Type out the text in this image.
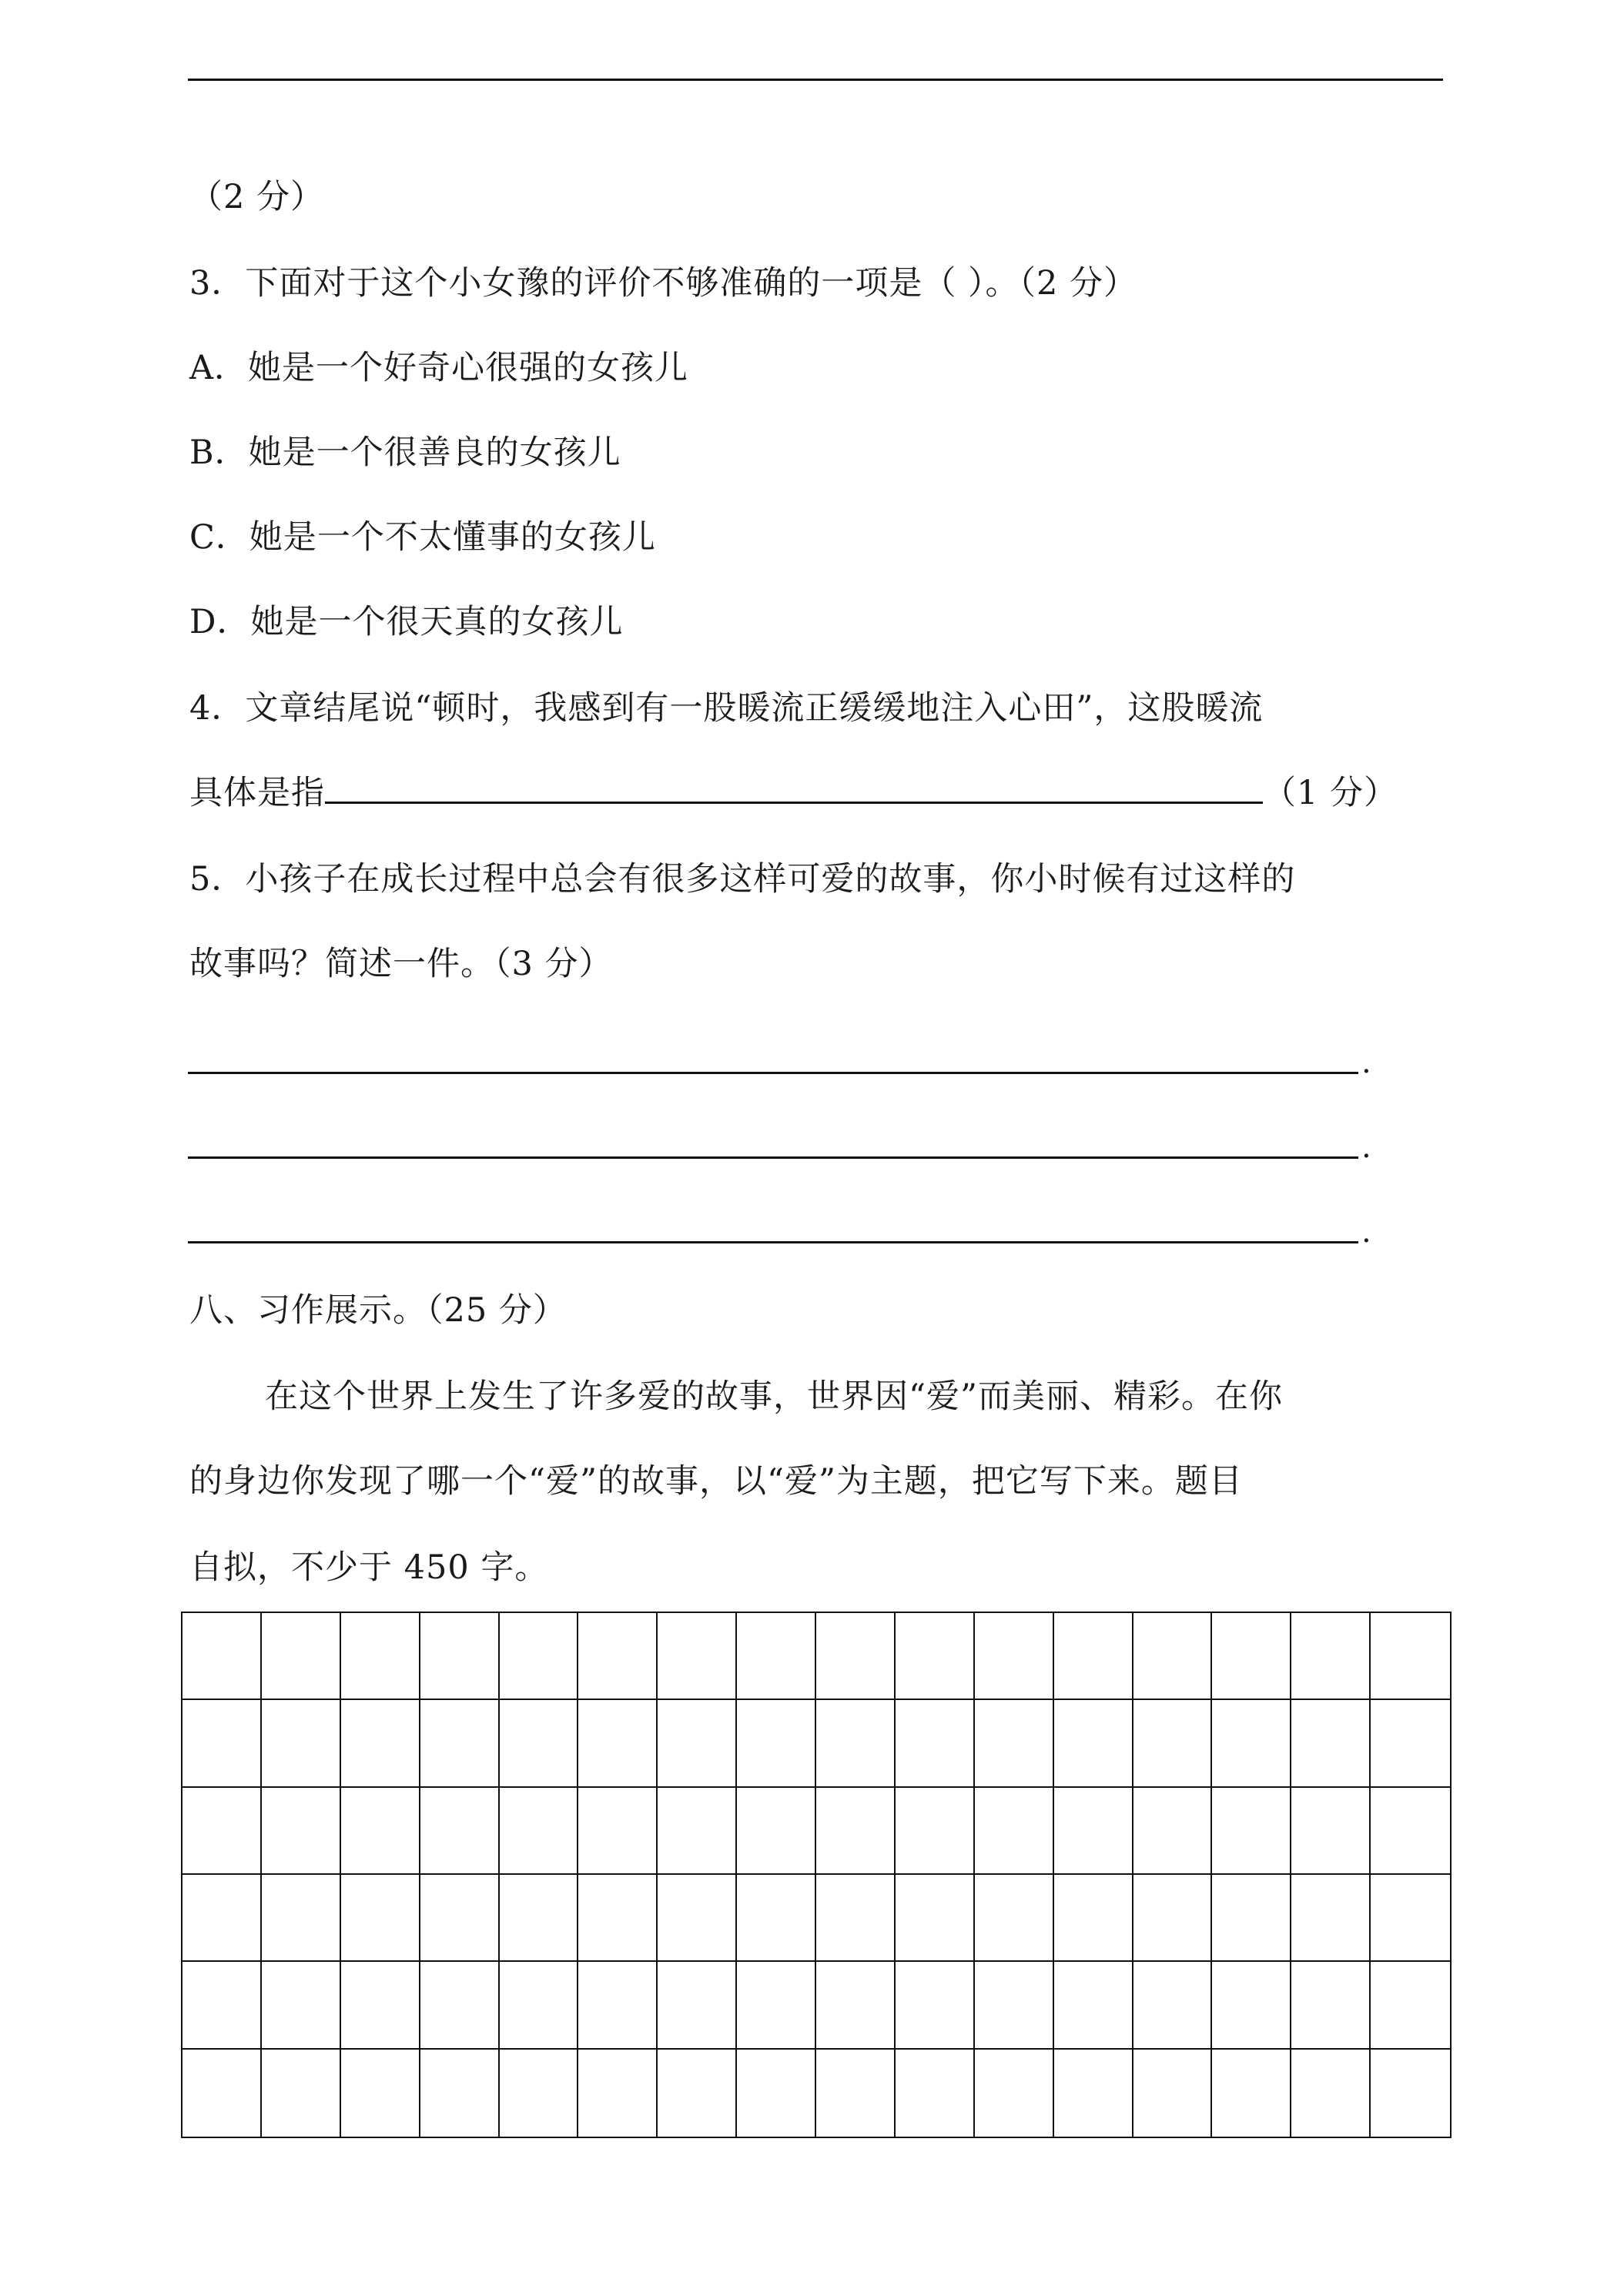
（2 分）
3．下面对于这个小女豫的评价不够准确的一项是（ ）。（2 分）
A．她是一个好奇心很强的女孩儿
B．她是一个很善良的女孩儿
C．她是一个不太懂事的女孩儿
D．她是一个很天真的女孩儿
4．文章结尾说“顿时，我感到有一股暖流正缓缓地注入心田”，这股暖流
具体是指	（1 分）
5．小孩子在成长过程中总会有很多这样可爱的故事，你小时候有过这样的
故事吗？简述一件。（3 分）
.
.
.
八、习作展示。（25 分）
在这个世界上发生了许多爱的故事，世界因“爱”而美丽、精彩。在你
的身边你发现了哪一个“爱”的故事，以“爱”为主题，把它写下来。题目
自拟，不少于 450 字。
